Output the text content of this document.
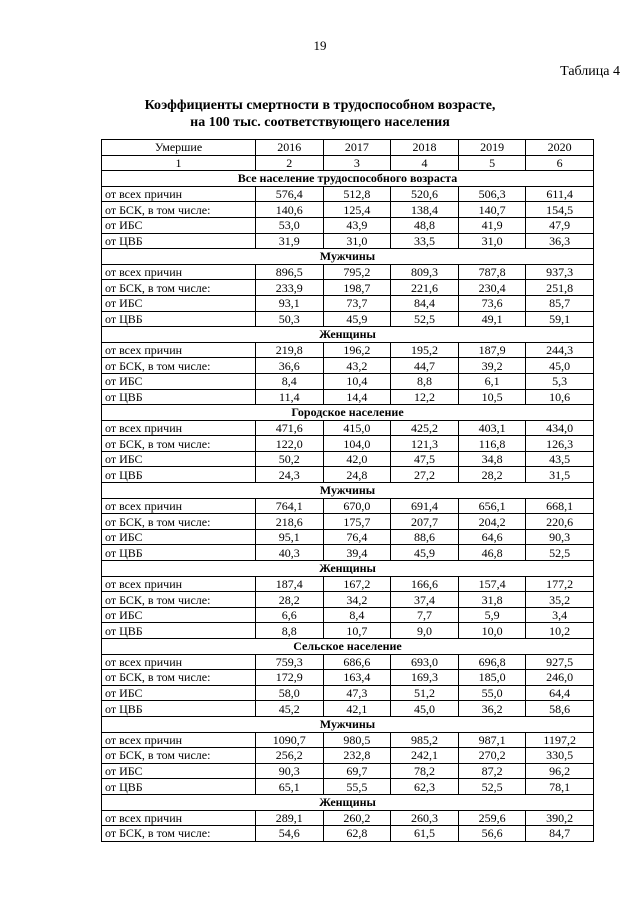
19
Таблица 4
Коэффициенты смертности в трудоспособном возрасте,
на 100 тыс. соответствующего населения
Умершие	2016	2017	2018	2019	2020
1	2	3	4	5	6
Все население трудоспособного возраста					
от всех причин	576,4	512,8	520,6	506,3	611,4
от БСК, в том числе:	140,6	125,4	138,4	140,7	154,5
от ИБС	53,0	43,9	48,8	41,9	47,9
от ЦВБ	31,9	31,0	33,5	31,0	36,3
Мужчины					
от всех причин	896,5	795,2	809,3	787,8	937,3
от БСК, в том числе:	233,9	198,7	221,6	230,4	251,8
от ИБС	93,1	73,7	84,4	73,6	85,7
от ЦВБ	50,3	45,9	52,5	49,1	59,1
Женщины					
от всех причин	219,8	196,2	195,2	187,9	244,3
от БСК, в том числе:	36,6	43,2	44,7	39,2	45,0
от ИБС	8,4	10,4	8,8	6,1	5,3
от ЦВБ	11,4	14,4	12,2	10,5	10,6
Городское население					
от всех причин	471,6	415,0	425,2	403,1	434,0
от БСК, в том числе:	122,0	104,0	121,3	116,8	126,3
от ИБС	50,2	42,0	47,5	34,8	43,5
от ЦВБ	24,3	24,8	27,2	28,2	31,5
Мужчины					
от всех причин	764,1	670,0	691,4	656,1	668,1
от БСК, в том числе:	218,6	175,7	207,7	204,2	220,6
от ИБС	95,1	76,4	88,6	64,6	90,3
от ЦВБ	40,3	39,4	45,9	46,8	52,5
Женщины					
от всех причин	187,4	167,2	166,6	157,4	177,2
от БСК, в том числе:	28,2	34,2	37,4	31,8	35,2
от ИБС	6,6	8,4	7,7	5,9	3,4
от ЦВБ	8,8	10,7	9,0	10,0	10,2
Сельское население					
от всех причин	759,3	686,6	693,0	696,8	927,5
от БСК, в том числе:	172,9	163,4	169,3	185,0	246,0
от ИБС	58,0	47,3	51,2	55,0	64,4
от ЦВБ	45,2	42,1	45,0	36,2	58,6
Мужчины					
от всех причин	1090,7	980,5	985,2	987,1	1197,2
от БСК, в том числе:	256,2	232,8	242,1	270,2	330,5
от ИБС	90,3	69,7	78,2	87,2	96,2
от ЦВБ	65,1	55,5	62,3	52,5	78,1
Женщины					
от всех причин	289,1	260,2	260,3	259,6	390,2
от БСК, в том числе:	54,6	62,8	61,5	56,6	84,7
